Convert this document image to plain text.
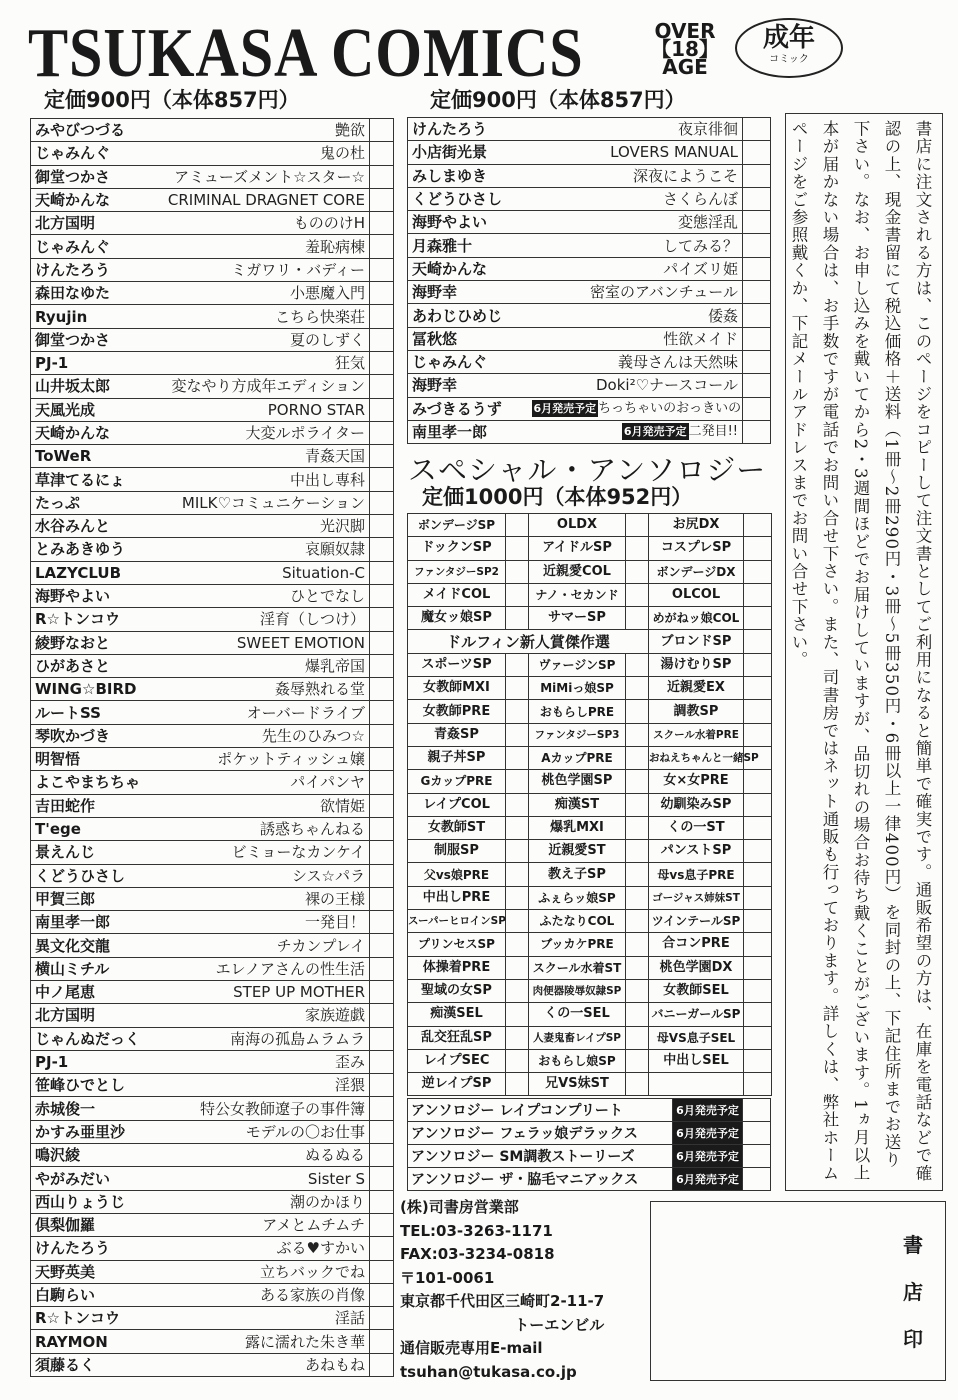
TSUKASA COMICS	OVER
【18】
AGE
成年
コミック
定価900円（本体857円）	定価900円（本体857円）
みやびつづる	艶欲	
じゃみんぐ	鬼の杜	
御堂つかさ	アミューズメント☆スター☆	
天崎かんな	CRIMINAL DRAGNET CORE	
北方国明	もののけH	
じゃみんぐ	羞恥病棟	
けんたろう	ミガワリ・バディー	
森田なゆた	小悪魔入門	
Ryujin	こちら快楽荘	
御堂つかさ	夏のしずく	
PJ-1	狂気	
山井坂太郎	変なやり方成年エディション	
天風光成	PORNO STAR	
天崎かんな	大変ルポライター	
ToWeR	青姦天国	
草津てるにょ	中出し専科	
たっぷ	MILK♡コミュニケーション	
水谷みんと	光沢脚	
とみあきゆう	哀願奴隷	
LAZYCLUB	Situation-C	
海野やよい	ひとでなし	
R☆トンコウ	淫育（しつけ）	
綾野なおと	SWEET EMOTION	
ひがあさと	爆乳帝国	
WING☆BIRD	姦辱熟れる堂	
ルートSS	オーバードライブ	
琴吹かづき	先生のひみつ☆	
明智悟	ポケットティッシュ嬢	
よこやまちちゃ	パイパンヤ	
吉田蛇作	欲情姫	
T'ege	誘惑ちゃんねる	
景えんじ	ビミョーなカンケイ	
くどうひさし	シス☆パラ	
甲賀三郎	裸の王様	
南里孝一郎	一発目！	
異文化交龍	チカンプレイ	
横山ミチル	エレノアさんの性生活	
中ノ尾恵	STEP UP MOTHER	
北方国明	家族遊戯	
じゃんぬだっく	南海の孤島ムラムラ	
PJ-1	歪み	
笹峰ひでとし	淫猥	
赤城俊一	特公女教師遼子の事件簿	
かすみ亜里沙	モデルの〇お仕事	
鳴沢綾	ぬるぬる	
やがみだい	Sister S	
西山りょうじ	潮のかほり	
倶梨伽羅	アメとムチムチ	
けんたろう	ぶる♥すかい	
天野英美	立ちバックでね	
白駒らい	ある家族の肖像	
R☆トンコウ	淫話	
RAYMON	露に濡れた朱き華	
須藤るく	あねもね	
けんたろう	夜京徘徊	
小店街光景	LOVERS MANUAL	
みしまゆき	深夜にようこそ	
くどうひさし	さくらんぼ	
海野やよい	変態淫乱	
月森雅十	してみる？	
天崎かんな	パイズリ姫	
海野幸	密室のアバンチュール	
あわじひめじ	倭姦	
冨秋悠	性欲メイド	
じゃみんぐ	義母さんは天然味	
海野幸	Doki²♡ナースコール	
みづきるうず	6月発売予定 ちっちゃいのおっきいの	
南里孝一郎	6月発売予定 二発目!!	
スペシャル・アンソロジー
定価1000円（本体952円）
ボンデージSP		OLDX		お尻DX	
ドックンSP		アイドルSP		コスプレSP	
ファンタジーSP2		近親愛COL		ボンデージDX	
メイドCOL		ナノ・セカンド		OLCOL	
魔女ッ娘SP		サマーSP		めがねッ娘COL	
ドルフィン新人賞傑作選				ブロンドSP	
スポーツSP		ヴァージンSP		湯けむりSP	
女教師MXI		MiMiっ娘SP		近親愛EX	
女教師PRE		おもらしPRE		調教SP	
青姦SP		ファンタジーSP3		スクール水着PRE	
親子丼SP		AカップPRE		おねえちゃんと一緒SP	
GカップPRE		桃色学園SP		女×女PRE	
レイプCOL		痴漢ST		幼馴染みSP	
女教師ST		爆乳MXI		くの一ST	
制服SP		近親愛ST		パンストSP	
父vs娘PRE		教え子SP		母vs息子PRE	
中出しPRE		ふぇらッ娘SP		ゴージャス姉妹ST	
スーパーヒロインSP		ふたなりCOL		ツインテールSP	
プリンセスSP		ブッカケPRE		合コンPRE	
体操着PRE		スクール水着ST		桃色学園DX	
聖域の女SP		肉便器陵辱奴隷SP		女教師SEL	
痴漢SEL		くの一SEL		バニーガールSP	
乱交狂乱SP		人妻鬼畜レイプSP		母VS息子SEL	
レイプSEC		おもらし娘SP		中出しSEL	
逆レイプSP		兄VS妹ST			
アンソロジー レイプコンプリート	6月発売予定	
アンソロジー フェラッ娘デラックス	6月発売予定	
アンソロジー SM調教ストーリーズ	6月発売予定	
アンソロジー ザ・脇毛マニアックス	6月発売予定		書店に注文される方は、このページをコピーして注文書としてご利用になると簡単で確実です。通販希望の方は、在庫を電話などで確認の上、現金書留にて税込価格＋送料（1冊～2冊290円・3冊～5冊350円・6冊以上一律400円）を同封の上、下記住所までお送り下さい。なお、お申し込みを戴いてから2・3週間ほどでお届けしていますが、品切れの場合お待ち戴くことがございます。1ヵ月以上本が届かない場合は、お手数ですが電話でお問い合せ下さい。また、司書房ではネット通販も行っております。詳しくは、弊社ホームページをご参照戴くか、下記メールアドレスまでお問い合せ下さい。
(株)司書房営業部
TEL:03-3263-1171
FAX:03-3234-0818
〒101-0061
東京都千代田区三崎町2-11-7
トーエンビル
通信販売専用E-mail
tsuhan@tukasa.co.jp
書
店
印
